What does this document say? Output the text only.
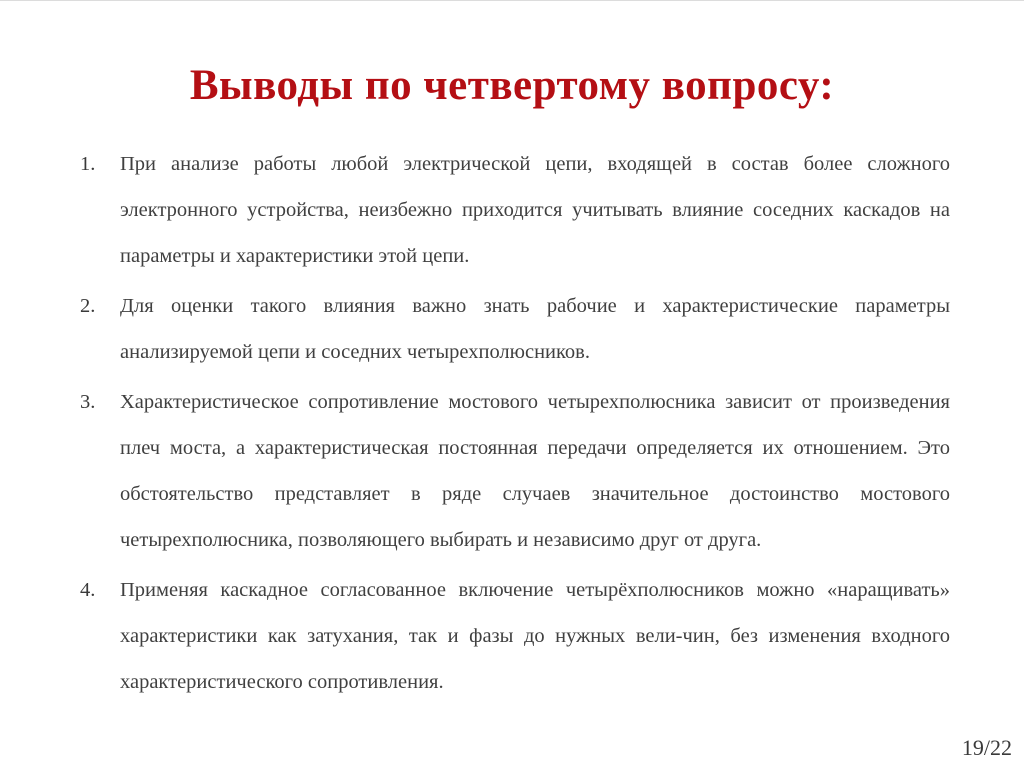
Выводы по четвертому вопросу:
1. При анализе работы любой электрической цепи, входящей в состав более сложного электронного устройства, неизбежно приходится учитывать влияние соседних каскадов на параметры и характеристики этой цепи.
2. Для оценки такого влияния важно знать рабочие и характеристические параметры анализируемой цепи и соседних четырехполюсников.
3. Характеристическое сопротивление мостового четырехполюсника зависит от произведения плеч моста, а характеристическая постоянная передачи определяется их отношением. Это обстоятельство представляет в ряде случаев значительное достоинство мостового четырехполюсника, позволяющего выбирать и независимо друг от друга.
4. Применяя каскадное согласованное включение четырёхполюсников можно «наращивать» характеристики как затухания, так и фазы до нужных вели-чин, без изменения входного характеристического сопротивления.
19/22
